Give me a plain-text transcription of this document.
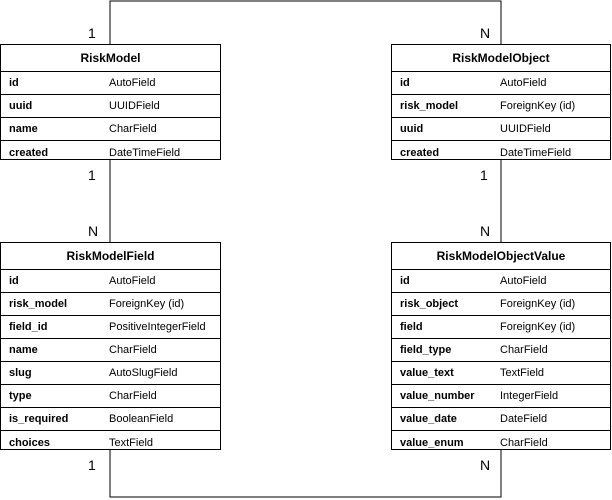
RiskModel
id	AutoField
uuid	UUIDField
name	CharField
created	DateTimeField
RiskModelObject
id	AutoField
risk_model	ForeignKey (id)
uuid	UUIDField
created	DateTimeField
RiskModelField
id	AutoField
risk_model	ForeignKey (id)
field_id	PositiveIntegerField
name	CharField
slug	AutoSlugField
type	CharField
is_required	BooleanField
choices	TextField
RiskModelObjectValue
id	AutoField
risk_object	ForeignKey (id)
field	ForeignKey (id)
field_type	CharField
value_text	TextField
value_number	IntegerField
value_date	DateField
value_enum	CharField
1	N
1
N
1
N
1	N
